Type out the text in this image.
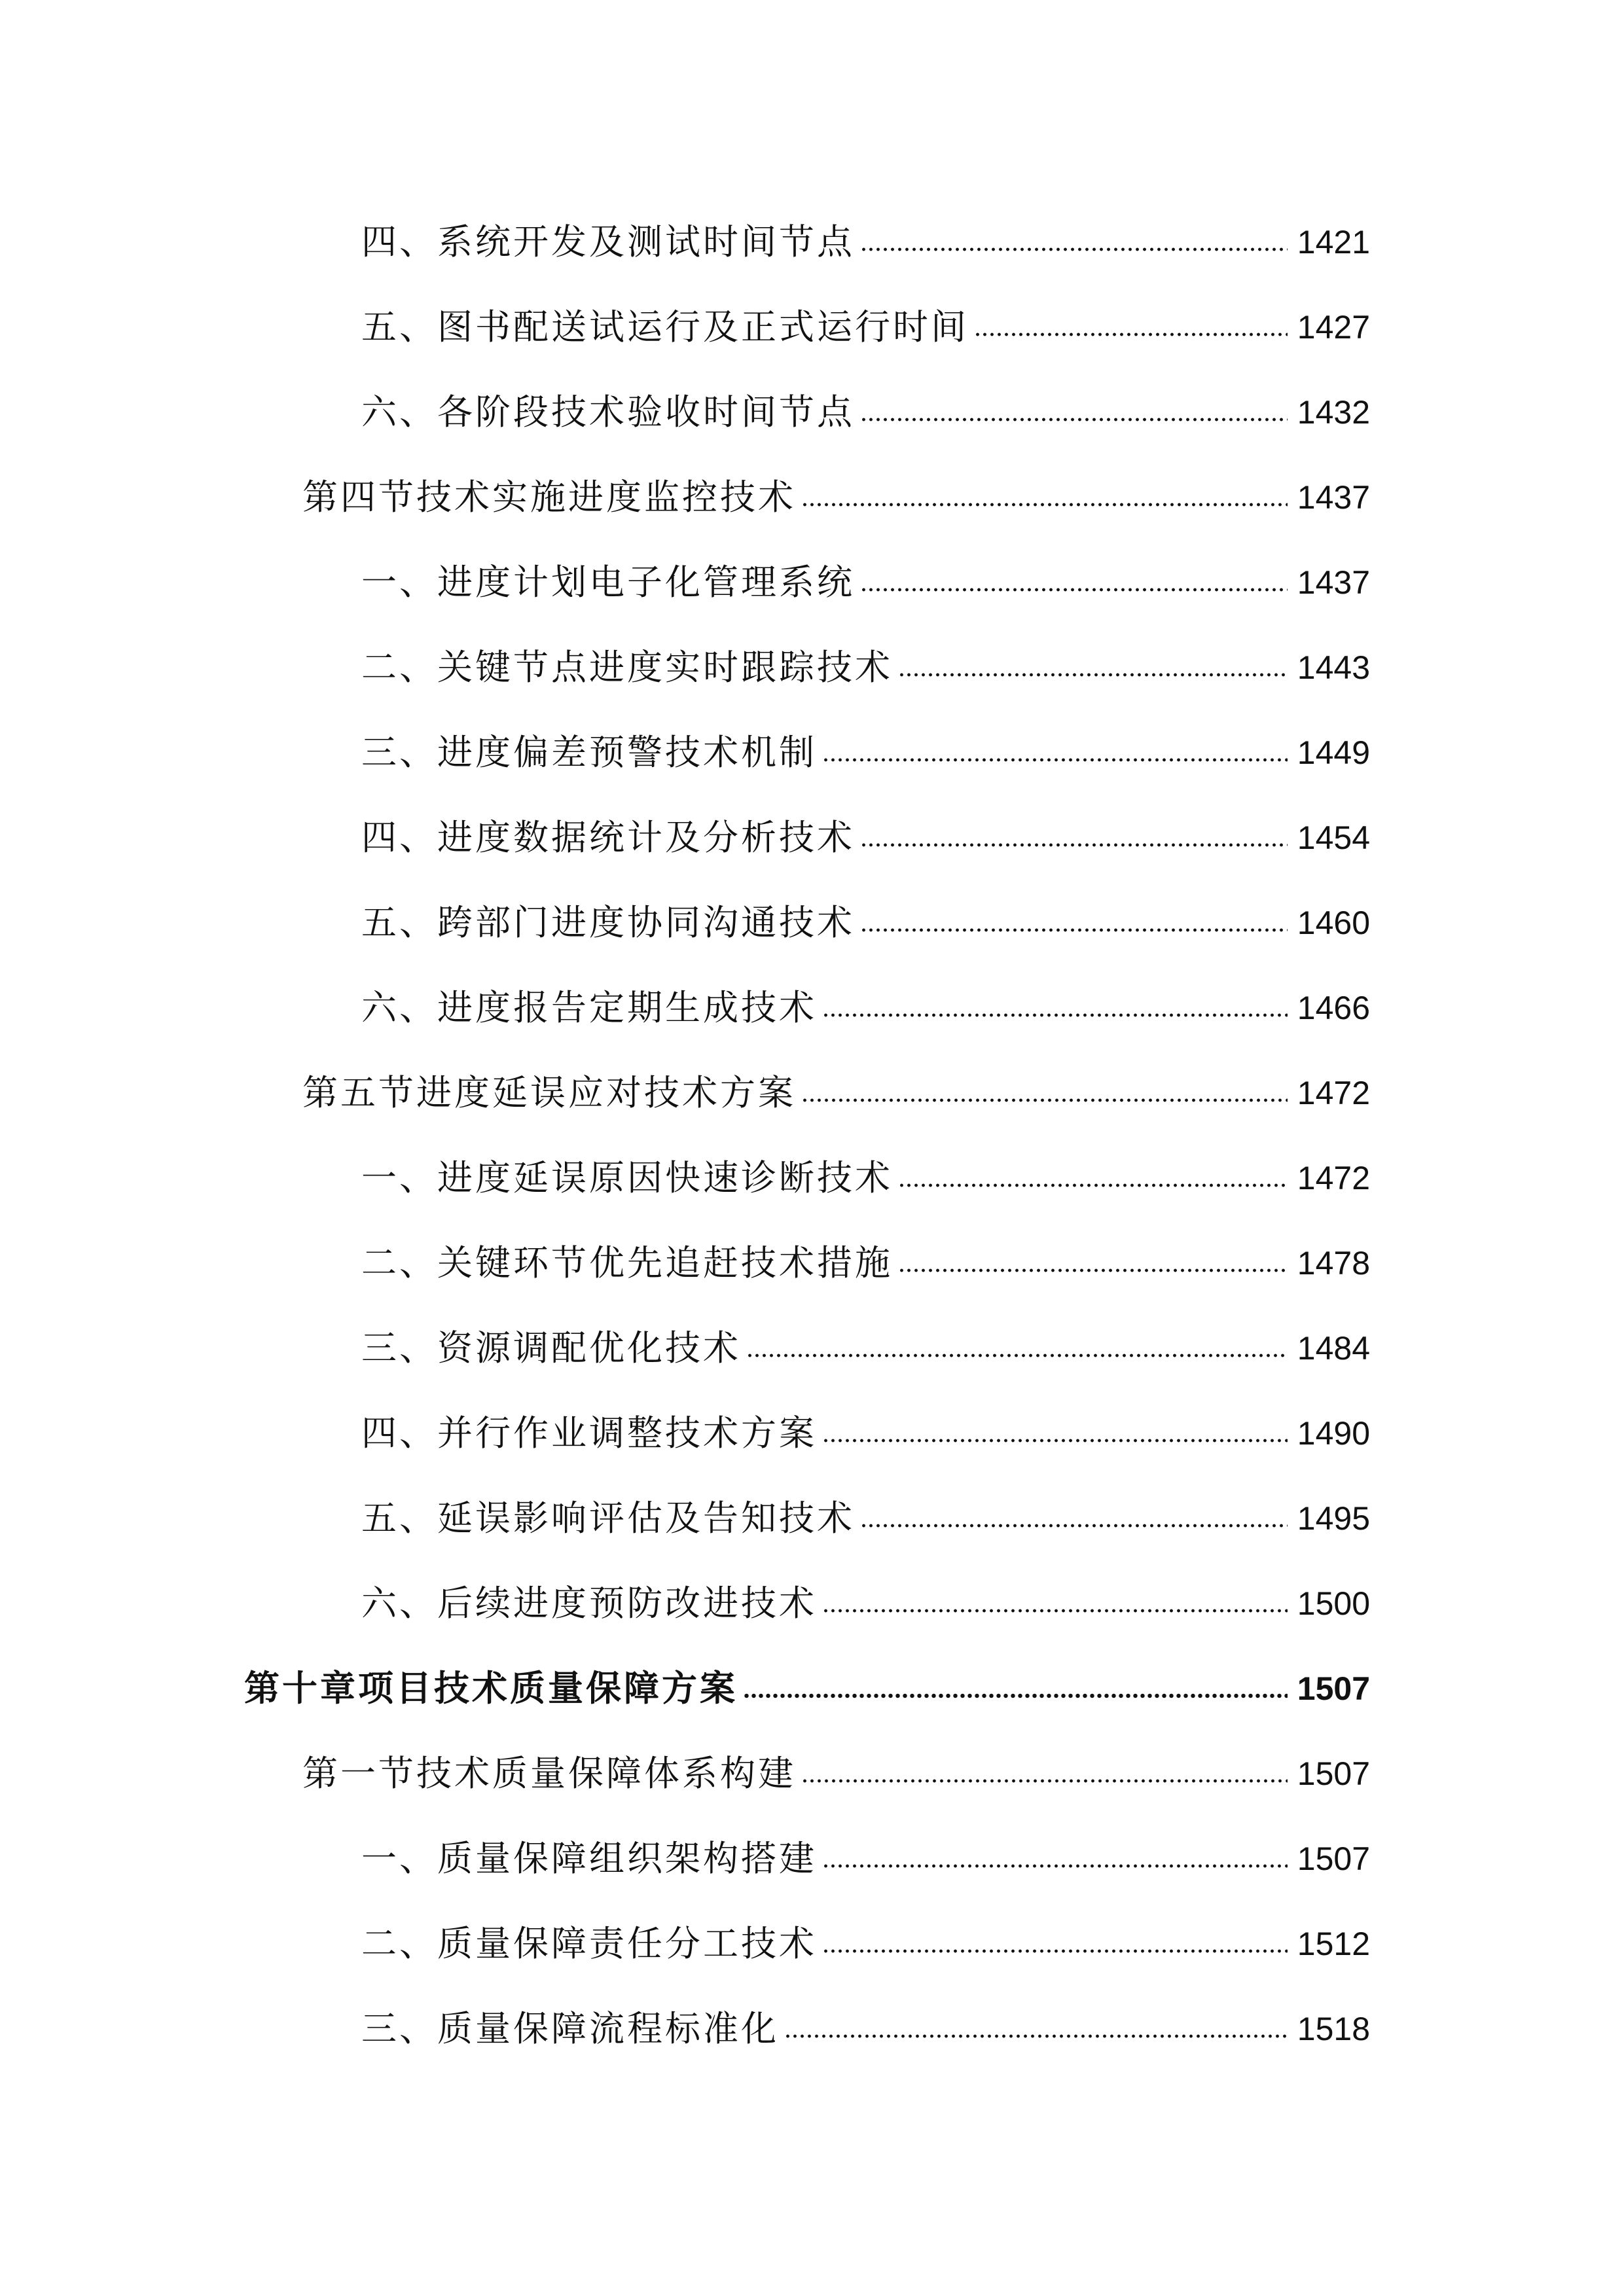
四、系统开发及测试时间节点	1421
五、图书配送试运行及正式运行时间	1427
六、各阶段技术验收时间节点	1432
第四节技术实施进度监控技术	1437
一、进度计划电子化管理系统	1437
二、关键节点进度实时跟踪技术	1443
三、进度偏差预警技术机制	1449
四、进度数据统计及分析技术	1454
五、跨部门进度协同沟通技术	1460
六、进度报告定期生成技术	1466
第五节进度延误应对技术方案	1472
一、进度延误原因快速诊断技术	1472
二、关键环节优先追赶技术措施	1478
三、资源调配优化技术	1484
四、并行作业调整技术方案	1490
五、延误影响评估及告知技术	1495
六、后续进度预防改进技术	1500
第十章项目技术质量保障方案	1507
第一节技术质量保障体系构建	1507
一、质量保障组织架构搭建	1507
二、质量保障责任分工技术	1512
三、质量保障流程标准化	1518
